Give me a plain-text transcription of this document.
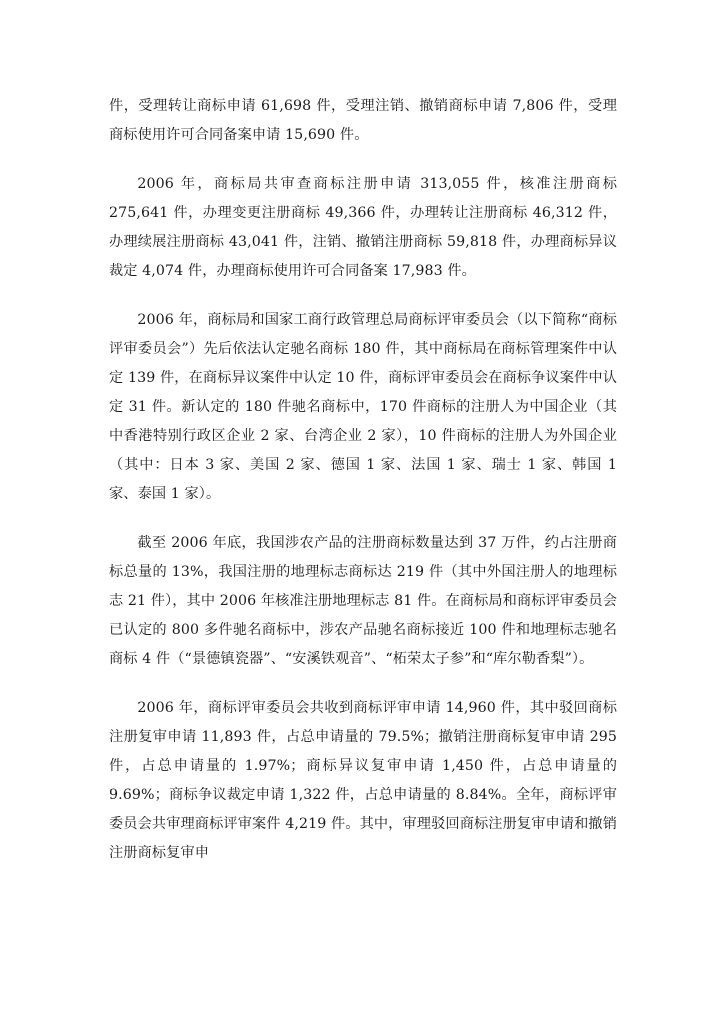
件，受理转让商标申请 61,698 件，受理注销、撤销商标申请 7,806 件，受理商标使用许可合同备案申请 15,690 件。

2006 年，商标局共审查商标注册申请 313,055 件，核准注册商标 275,641 件，办理变更注册商标 49,366 件，办理转让注册商标 46,312 件，办理续展注册商标 43,041 件，注销、撤销注册商标 59,818 件，办理商标异议裁定 4,074 件，办理商标使用许可合同备案 17,983 件。

2006 年，商标局和国家工商行政管理总局商标评审委员会（以下简称“商标评审委员会”）先后依法认定驰名商标 180 件，其中商标局在商标管理案件中认定 139 件，在商标异议案件中认定 10 件，商标评审委员会在商标争议案件中认定 31 件。新认定的 180 件驰名商标中，170 件商标的注册人为中国企业（其中香港特别行政区企业 2 家、台湾企业 2 家），10 件商标的注册人为外国企业（其中：日本 3 家、美国 2 家、德国 1 家、法国 1 家、瑞士 1 家、韩国 1 家、泰国 1 家）。

截至 2006 年底，我国涉农产品的注册商标数量达到 37 万件，约占注册商标总量的 13%，我国注册的地理标志商标达 219 件（其中外国注册人的地理标志 21 件），其中 2006 年核准注册地理标志 81 件。在商标局和商标评审委员会已认定的 800 多件驰名商标中，涉农产品驰名商标接近 100 件和地理标志驰名商标 4 件（“景德镇瓷器”、“安溪铁观音”、“柘荣太子参”和“库尔勒香梨”）。

2006 年，商标评审委员会共收到商标评审申请 14,960 件，其中驳回商标注册复审申请 11,893 件，占总申请量的 79.5%；撤销注册商标复审申请 295 件，占总申请量的 1.97%；商标异议复审申请 1,450 件，占总申请量的 9.69%；商标争议裁定申请 1,322 件，占总申请量的 8.84%。全年，商标评审委员会共审理商标评审案件 4,219 件。其中，审理驳回商标注册复审申请和撤销注册商标复审申
